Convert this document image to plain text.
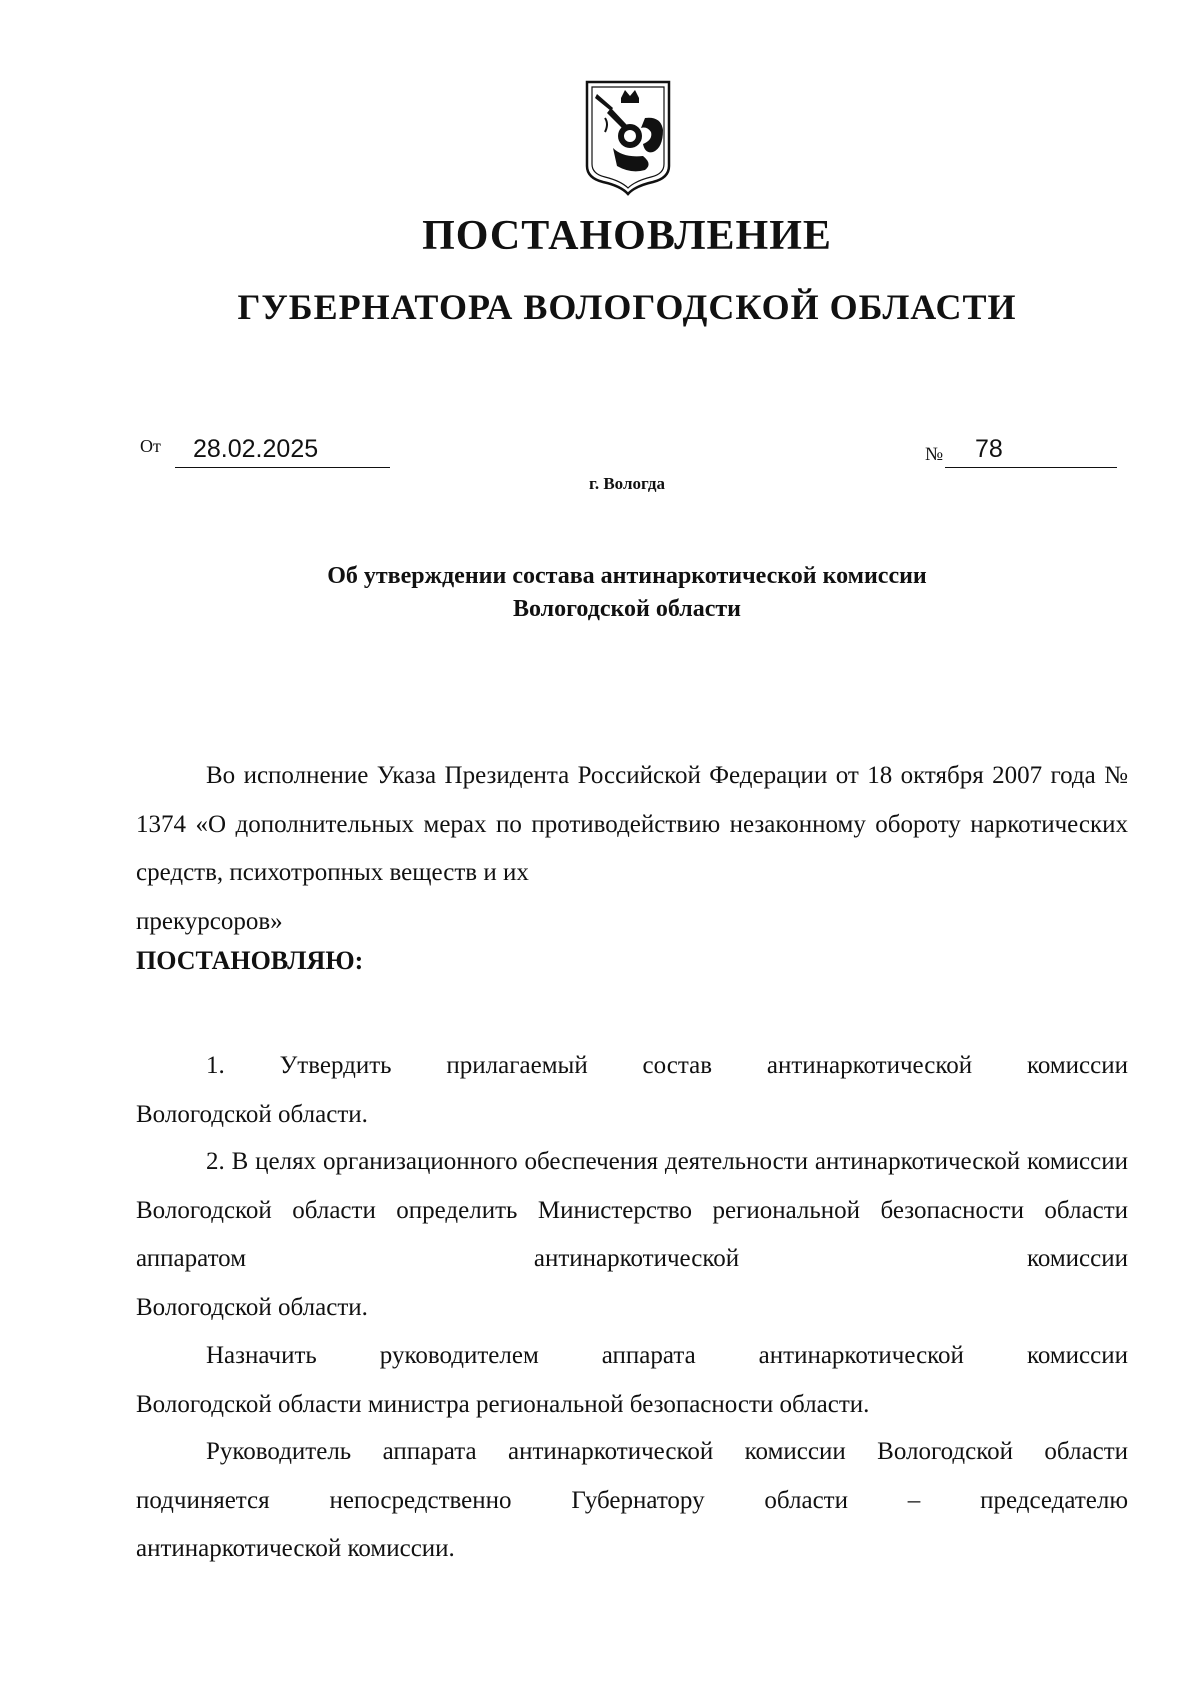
ПОСТАНОВЛЕНИЕ
ГУБЕРНАТОРА ВОЛОГОДСКОЙ ОБЛАСТИ
От	28.02.2025	№	78
г. Вологда
Об утверждении состава антинаркотической комиссии
Вологодской области

Во исполнение Указа Президента Российской Федерации от 18 октября 2007 года № 1374 «О дополнительных мерах по противодействию незаконному обороту наркотических средств, психотропных веществ и их

прекурсоров»

ПОСТАНОВЛЯЮ:

1. Утвердить прилагаемый состав антинаркотической комиссии

Вологодской области.

2. В целях организационного обеспечения деятельности антинаркотической комиссии Вологодской области определить Министерство региональной безопасности области аппаратом антинаркотической комиссии

Вологодской области.

Назначить руководителем аппарата антинаркотической комиссии

Вологодской области министра региональной безопасности области.

Руководитель аппарата антинаркотической комиссии Вологодской области подчиняется непосредственно Губернатору области – председателю

антинаркотической комиссии.
